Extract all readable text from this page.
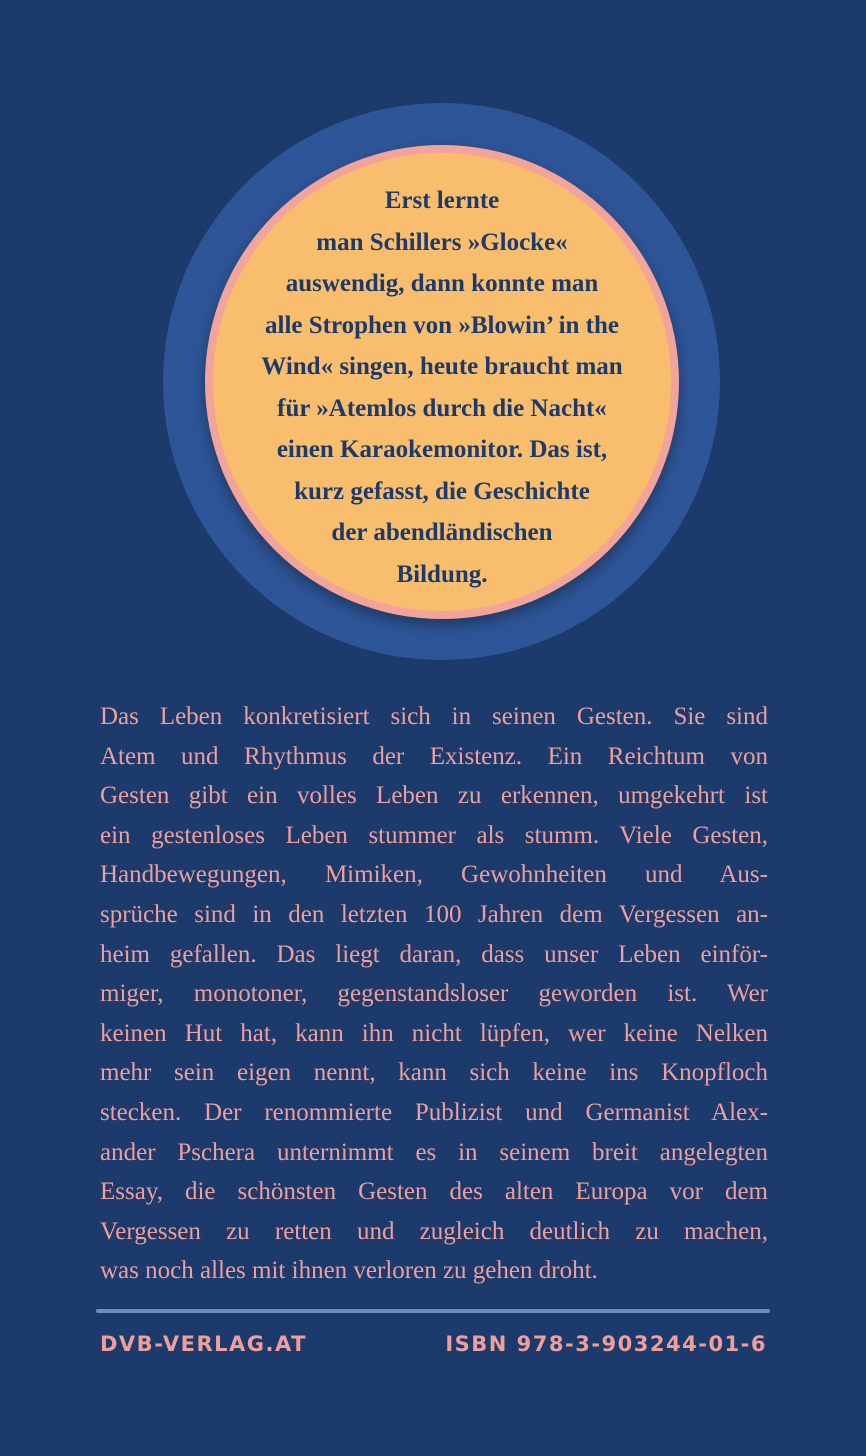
Erst lernte
man Schillers »Glocke«
auswendig, dann konnte man
alle Strophen von »Blowin’ in the
Wind« singen, heute braucht man
für »Atemlos durch die Nacht«
einen Karaokemonitor. Das ist,
kurz gefasst, die Geschichte
der abendländischen
Bildung.

Das Leben konkretisiert sich in seinen Gesten. Sie sind
Atem und Rhythmus der Existenz. Ein Reichtum von
Gesten gibt ein volles Leben zu erkennen, umgekehrt ist
ein gestenloses Leben stummer als stumm. Viele Gesten,
Handbewegungen, Mimiken, Gewohnheiten und Aus-
sprüche sind in den letzten 100 Jahren dem Vergessen an-
heim gefallen. Das liegt daran, dass unser Leben einför-
miger, monotoner, gegenstandsloser geworden ist. Wer
keinen Hut hat, kann ihn nicht lüpfen, wer keine Nelken
mehr sein eigen nennt, kann sich keine ins Knopfloch
stecken. Der renommierte Publizist und Germanist Alex-
ander Pschera unternimmt es in seinem breit angelegten
Essay, die schönsten Gesten des alten Europa vor dem
Vergessen zu retten und zugleich deutlich zu machen,
was noch alles mit ihnen verloren zu gehen droht.

DVB-VERLAG.AT	ISBN 978-3-903244-01-6
